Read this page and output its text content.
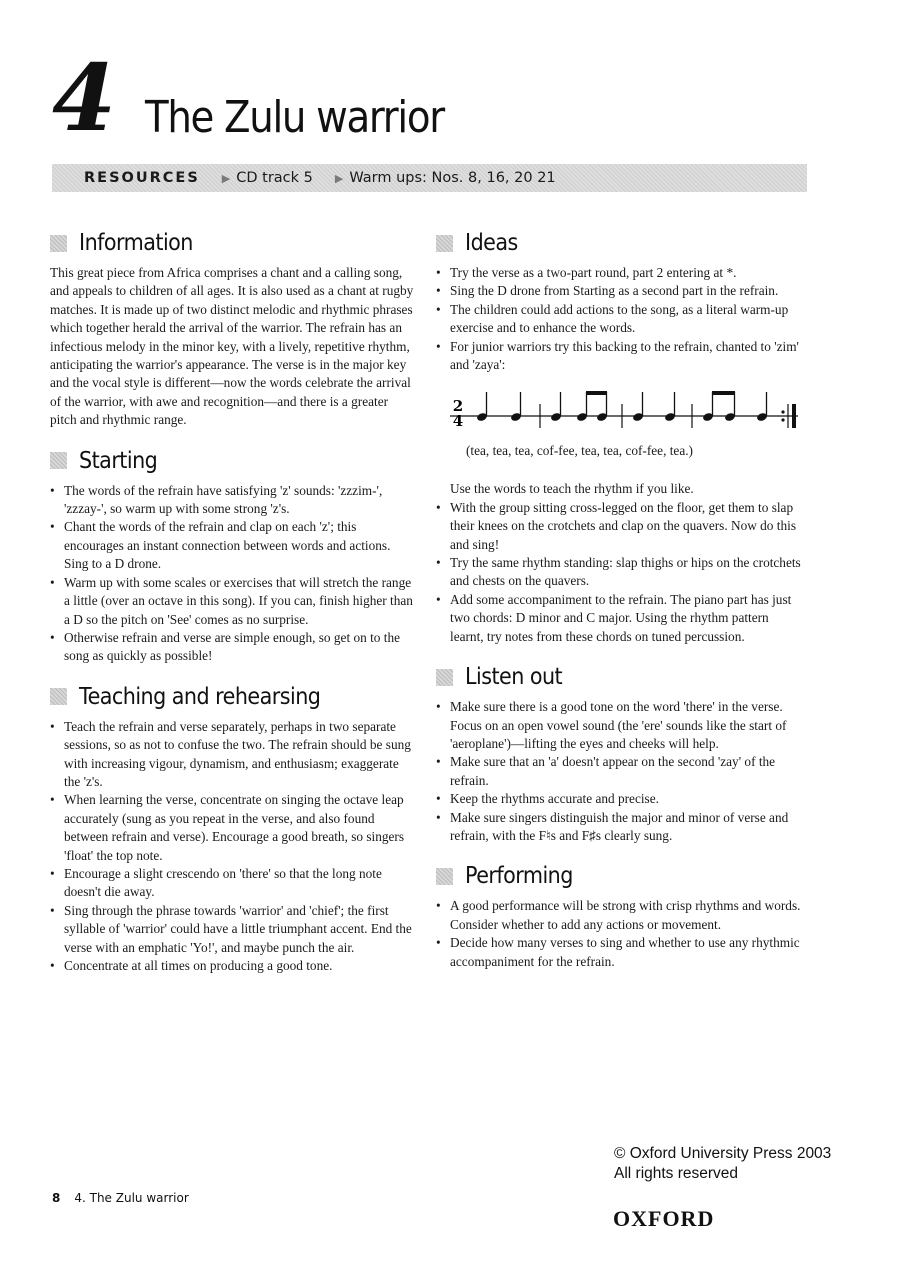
4 The Zulu warrior
RESOURCES ▶ CD track 5 ▶ Warm ups: Nos. 8, 16, 20 21
Information

This great piece from Africa comprises a chant and a calling song, and appeals to children of all ages. It is also used as a chant at rugby matches. It is made up of two distinct melodic and rhythmic phrases which together herald the arrival of the warrior. The refrain has an infectious melody in the minor key, with a lively, repetitive rhythm, anticipating the warrior's appearance. The verse is in the major key and the vocal style is different—now the words celebrate the arrival of the warrior, with awe and recognition—and there is a greater pitch and rhythmic range.

Starting
• The words of the refrain have satisfying 'z' sounds: 'zzzim-', 'zzzay-', so warm up with some strong 'z's.
• Chant the words of the refrain and clap on each 'z'; this encourages an instant connection between words and actions. Sing to a D drone.
• Warm up with some scales or exercises that will stretch the range a little (over an octave in this song). If you can, finish higher than a D so the pitch on 'See' comes as no surprise.
• Otherwise refrain and verse are simple enough, so get on to the song as quickly as possible!
Teaching and rehearsing
• Teach the refrain and verse separately, perhaps in two separate sessions, so as not to confuse the two. The refrain should be sung with increasing vigour, dynamism, and enthusiasm; exaggerate the 'z's.
• When learning the verse, concentrate on singing the octave leap accurately (sung as you repeat in the verse, and also found between refrain and verse). Encourage a good breath, so singers 'float' the top note.
• Encourage a slight crescendo on 'there' so that the long note doesn't die away.
• Sing through the phrase towards 'warrior' and 'chief'; the first syllable of 'warrior' could have a little triumphant accent. End the verse with an emphatic 'Yo!', and maybe punch the air.
• Concentrate at all times on producing a good tone.
Ideas
• Try the verse as a two-part round, part 2 entering at *.
• Sing the D drone from Starting as a second part in the refrain.
• The children could add actions to the song, as a literal warm-up exercise and to enhance the words.
• For junior warriors try this backing to the refrain, chanted to 'zim' and 'zaya':
2
4
(tea, tea, tea, cof-fee, tea, tea, cof-fee, tea.)

Use the words to teach the rhythm if you like.

• With the group sitting cross-legged on the floor, get them to slap their knees on the crotchets and clap on the quavers. Now do this and sing!
• Try the same rhythm standing: slap thighs or hips on the crotchets and chests on the quavers.
• Add some accompaniment to the refrain. The piano part has just two chords: D minor and C major. Using the rhythm pattern learnt, try notes from these chords on tuned percussion.
Listen out
• Make sure there is a good tone on the word 'there' in the verse. Focus on an open vowel sound (the 'ere' sounds like the start of 'aeroplane')—lifting the eyes and cheeks will help.
• Make sure that an 'a' doesn't appear on the second 'zay' of the refrain.
• Keep the rhythms accurate and precise.
• Make sure singers distinguish the major and minor of verse and refrain, with the F♮s and F♯s clearly sung.
Performing
• A good performance will be strong with crisp rhythms and words. Consider whether to add any actions or movement.
• Decide how many verses to sing and whether to use any rhythmic accompaniment for the refrain.
© Oxford University Press 2003
All rights reserved
8 4. The Zulu warrior
OXFORD
